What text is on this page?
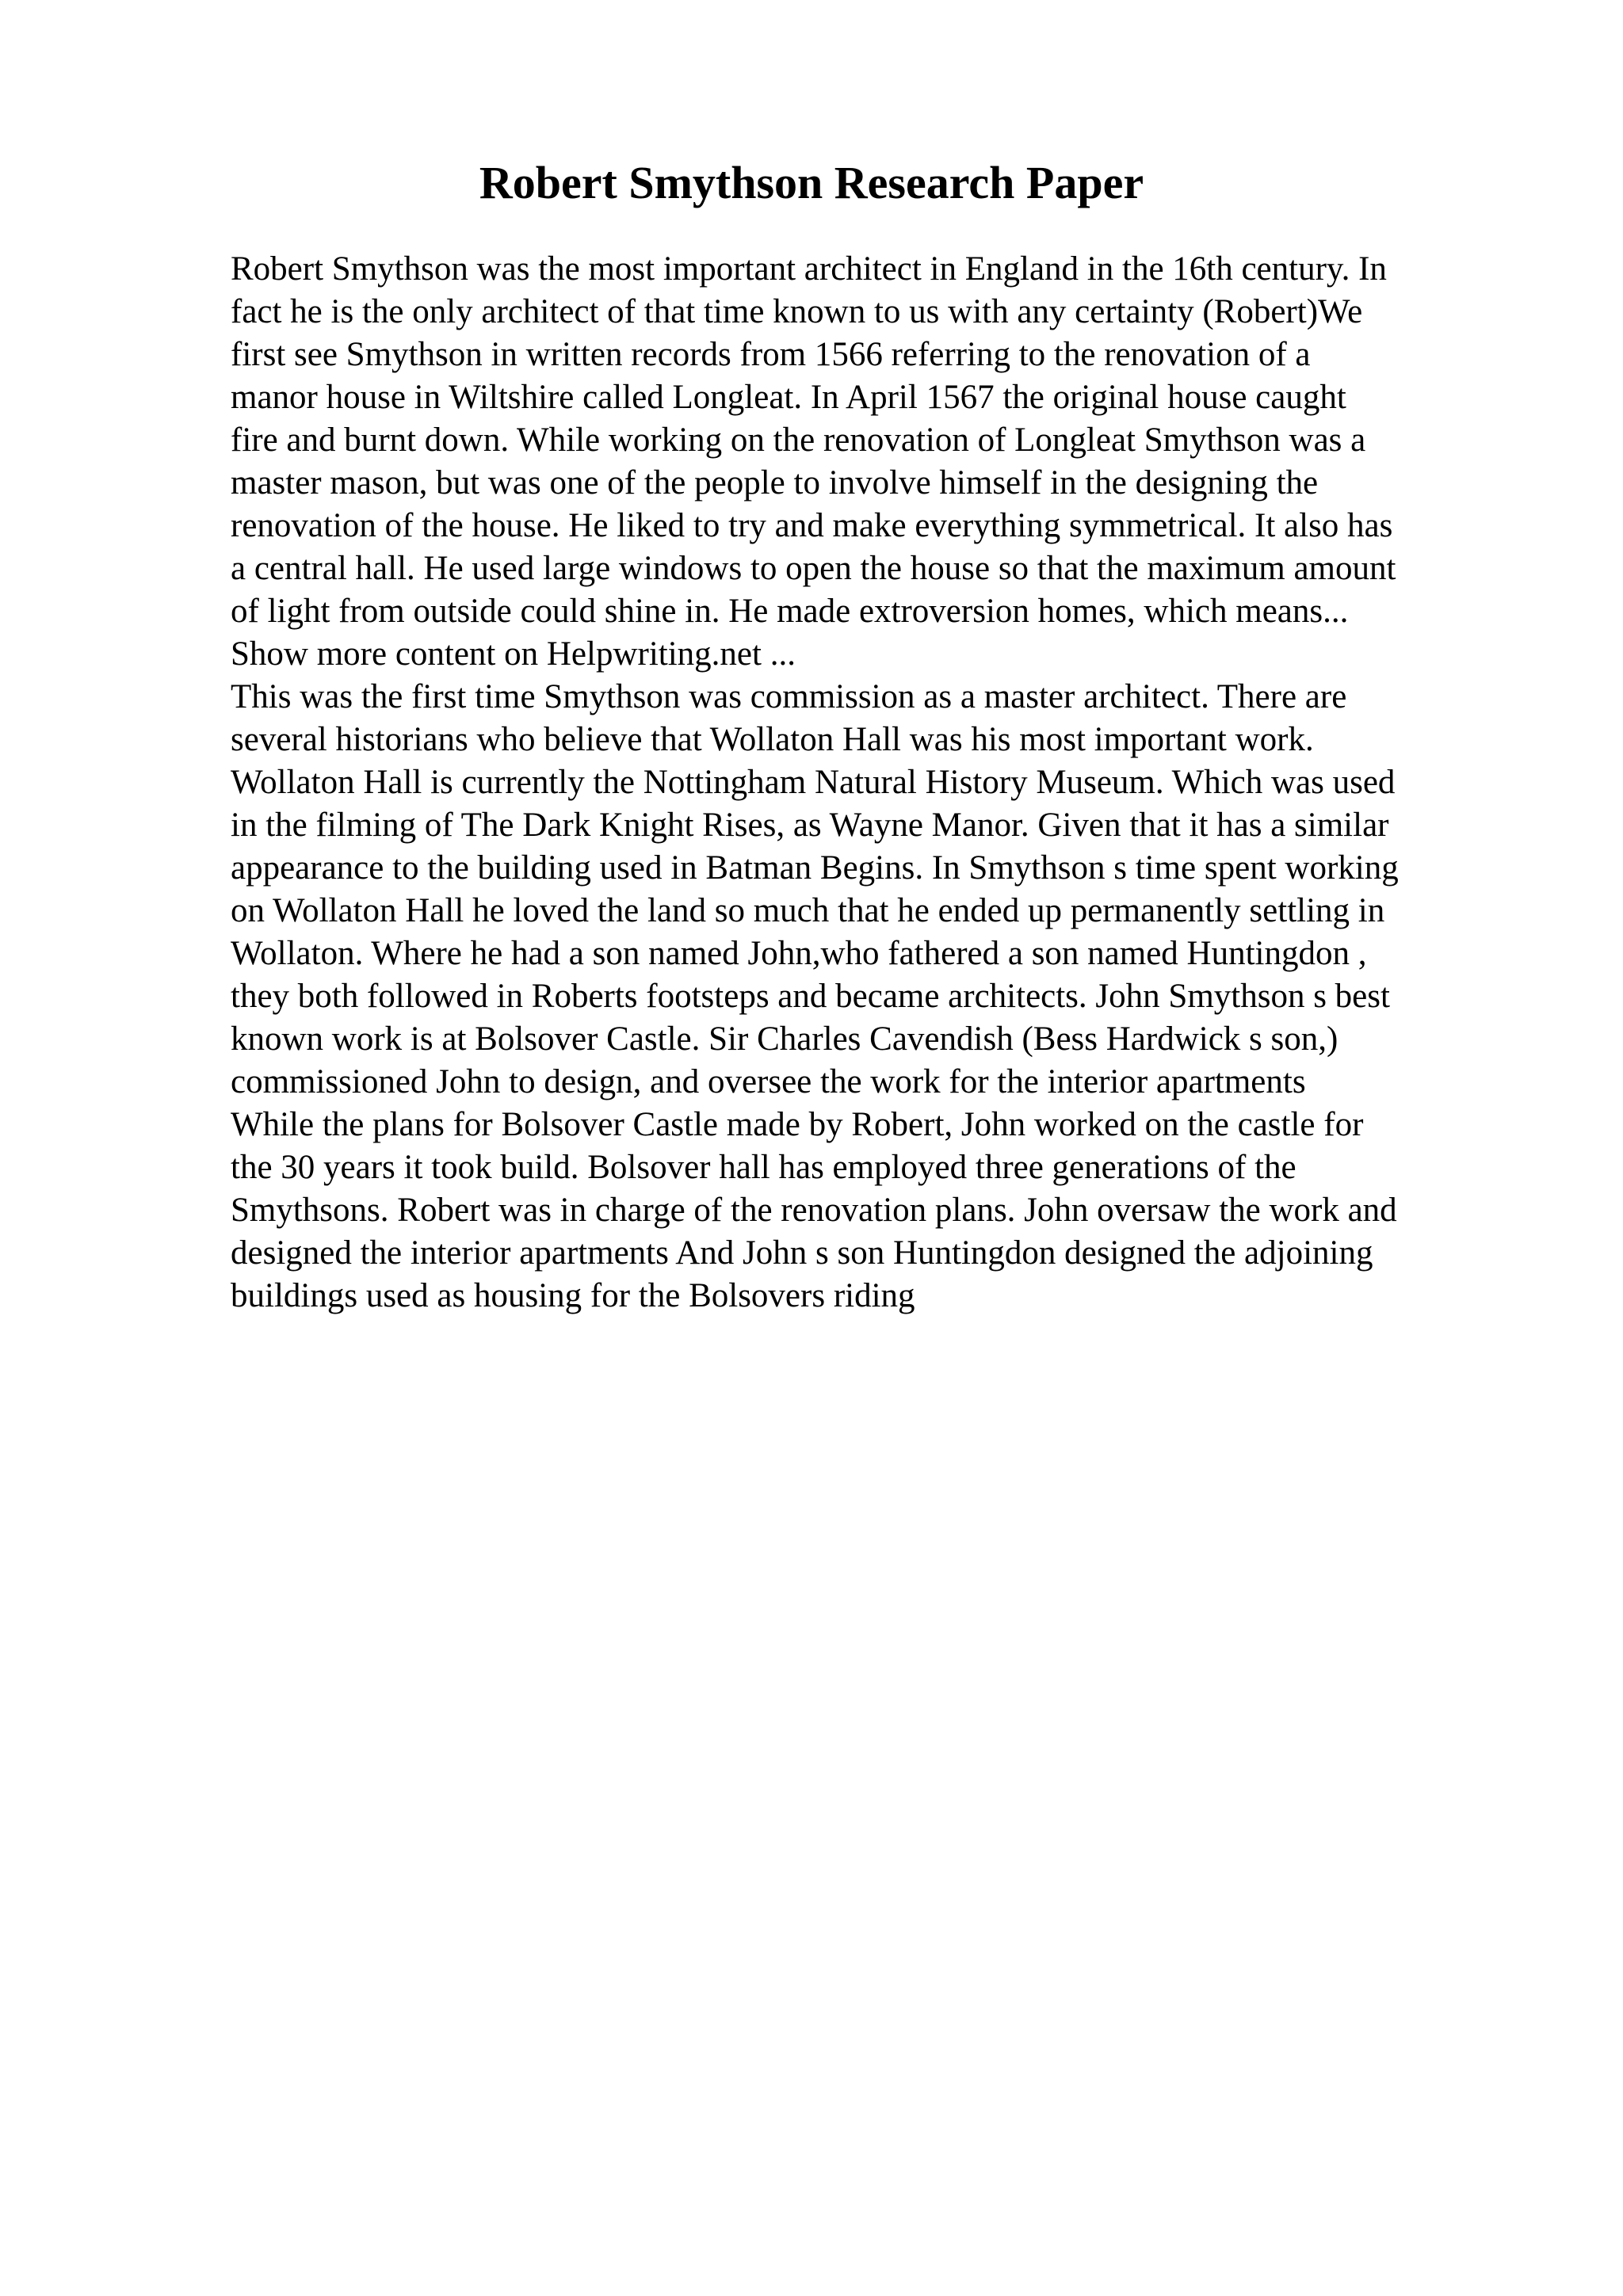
Robert Smythson Research Paper
Robert Smythson was the most important architect in England in the 16th century. In
fact he is the only architect of that time known to us with any certainty (Robert)We
first see Smythson in written records from 1566 referring to the renovation of a
manor house in Wiltshire called Longleat. In April 1567 the original house caught
fire and burnt down. While working on the renovation of Longleat Smythson was a
master mason, but was one of the people to involve himself in the designing the
renovation of the house. He liked to try and make everything symmetrical. It also has
a central hall. He used large windows to open the house so that the maximum amount
of light from outside could shine in. He made extroversion homes, which means...
Show more content on Helpwriting.net ...
This was the first time Smythson was commission as a master architect. There are
several historians who believe that Wollaton Hall was his most important work.
Wollaton Hall is currently the Nottingham Natural History Museum. Which was used
in the filming of The Dark Knight Rises, as Wayne Manor. Given that it has a similar
appearance to the building used in Batman Begins. In Smythson s time spent working
on Wollaton Hall he loved the land so much that he ended up permanently settling in
Wollaton. Where he had a son named John,who fathered a son named Huntingdon ,
they both followed in Roberts footsteps and became architects. John Smythson s best
known work is at Bolsover Castle. Sir Charles Cavendish (Bess Hardwick s son,)
commissioned John to design, and oversee the work for the interior apartments
While the plans for Bolsover Castle made by Robert, John worked on the castle for
the 30 years it took build. Bolsover hall has employed three generations of the
Smythsons. Robert was in charge of the renovation plans. John oversaw the work and
designed the interior apartments And John s son Huntingdon designed the adjoining
buildings used as housing for the Bolsovers riding
